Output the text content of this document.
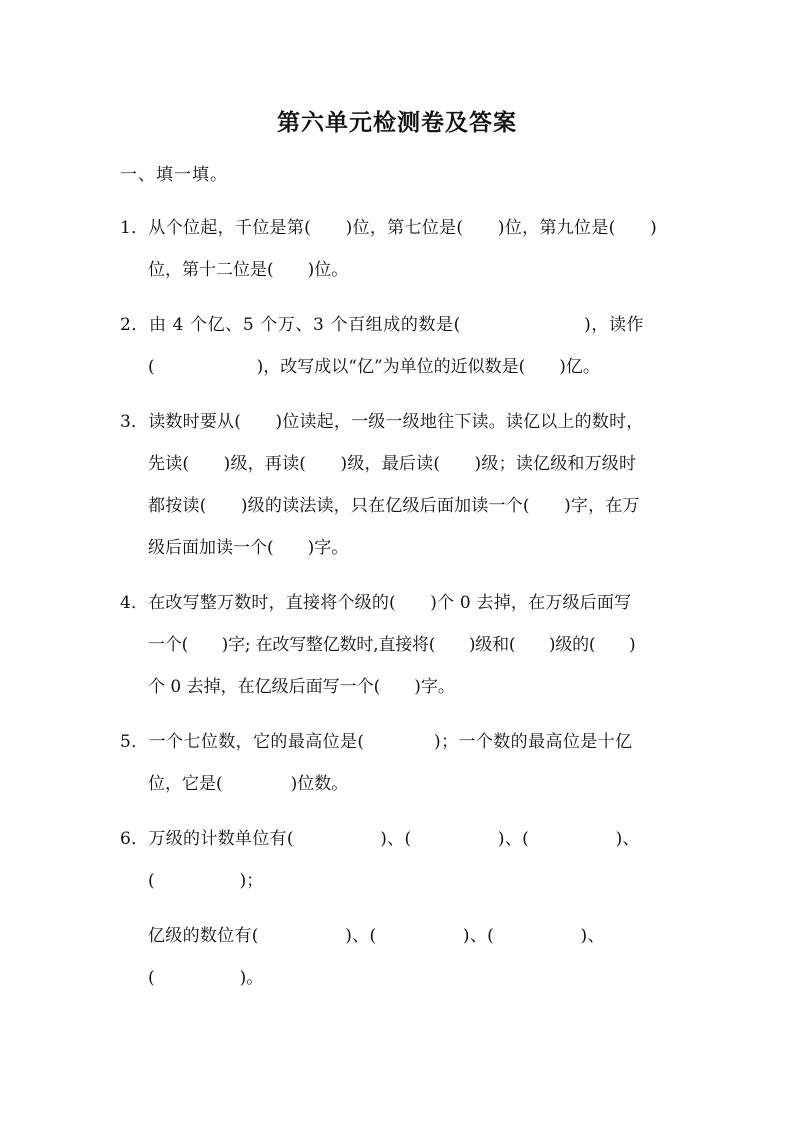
第六单元检测卷及答案
一、填一填。
1．从个位起，千位是第(　　)位，第七位是(　　)位，第九位是(　　)
位，第十二位是(　　)位。
2．由 4 个亿、5 个万、3 个百组成的数是(　　　　　　　)，读作
(　　　　　　)，改写成以“亿”为单位的近似数是(　　)亿。
3．读数时要从(　　)位读起，一级一级地往下读。读亿以上的数时，
先读(　　)级，再读(　　)级，最后读(　　)级；读亿级和万级时
都按读(　　)级的读法读，只在亿级后面加读一个(　　)字，在万
级后面加读一个(　　)字。
4．在改写整万数时，直接将个级的(　　)个 0 去掉，在万级后面写
一个(　　)字; 在改写整亿数时,直接将(　　)级和(　　)级的(　　)
个 0 去掉，在亿级后面写一个(　　)字。
5．一个七位数，它的最高位是(　　　　)；一个数的最高位是十亿
位，它是(　　　　)位数。
6．万级的计数单位有(　　　　　)、(　　　　　)、(　　　　　)、
(　　　　　)；
亿级的数位有(　　　　　)、(　　　　　)、(　　　　　)、
(　　　　　)。
